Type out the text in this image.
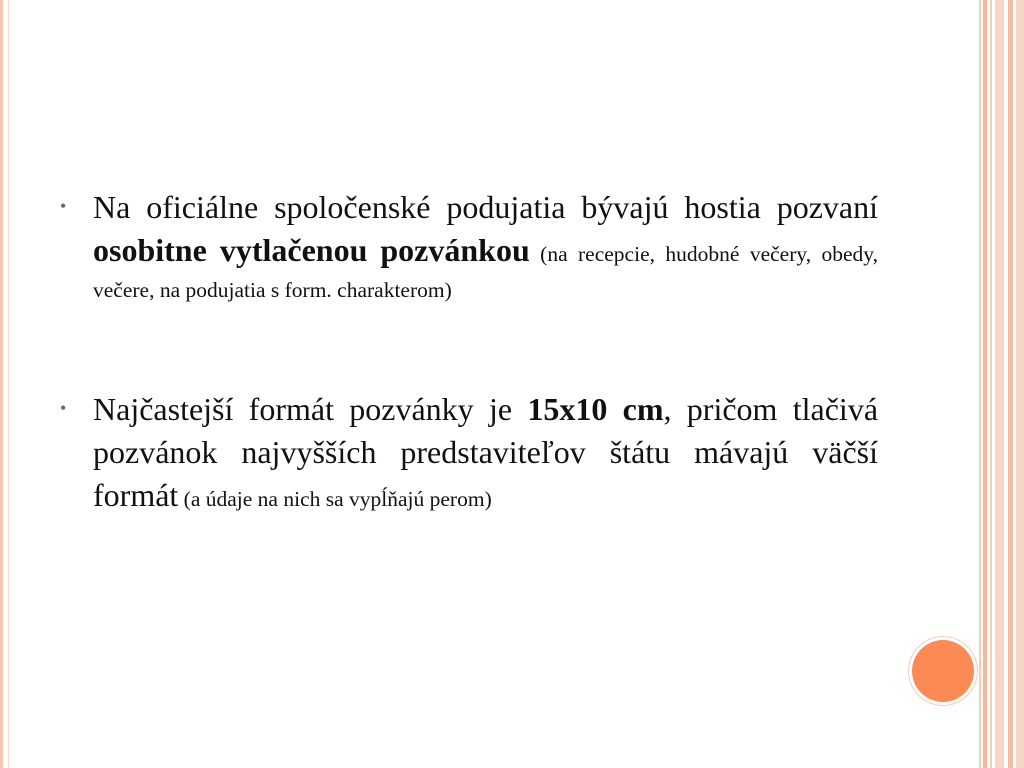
• Na oficiálne spoločenské podujatia bývajú hostia pozvaní osobitne vytlačenou pozvánkou (na recepcie, hudobné večery, obedy, večere, na podujatia s form. charakterom)
• Najčastejší formát pozvánky je 15x10 cm, pričom tlačivá pozvánok najvyšších predstaviteľov štátu mávajú väčší formát (a údaje na nich sa vypĺňajú perom)
